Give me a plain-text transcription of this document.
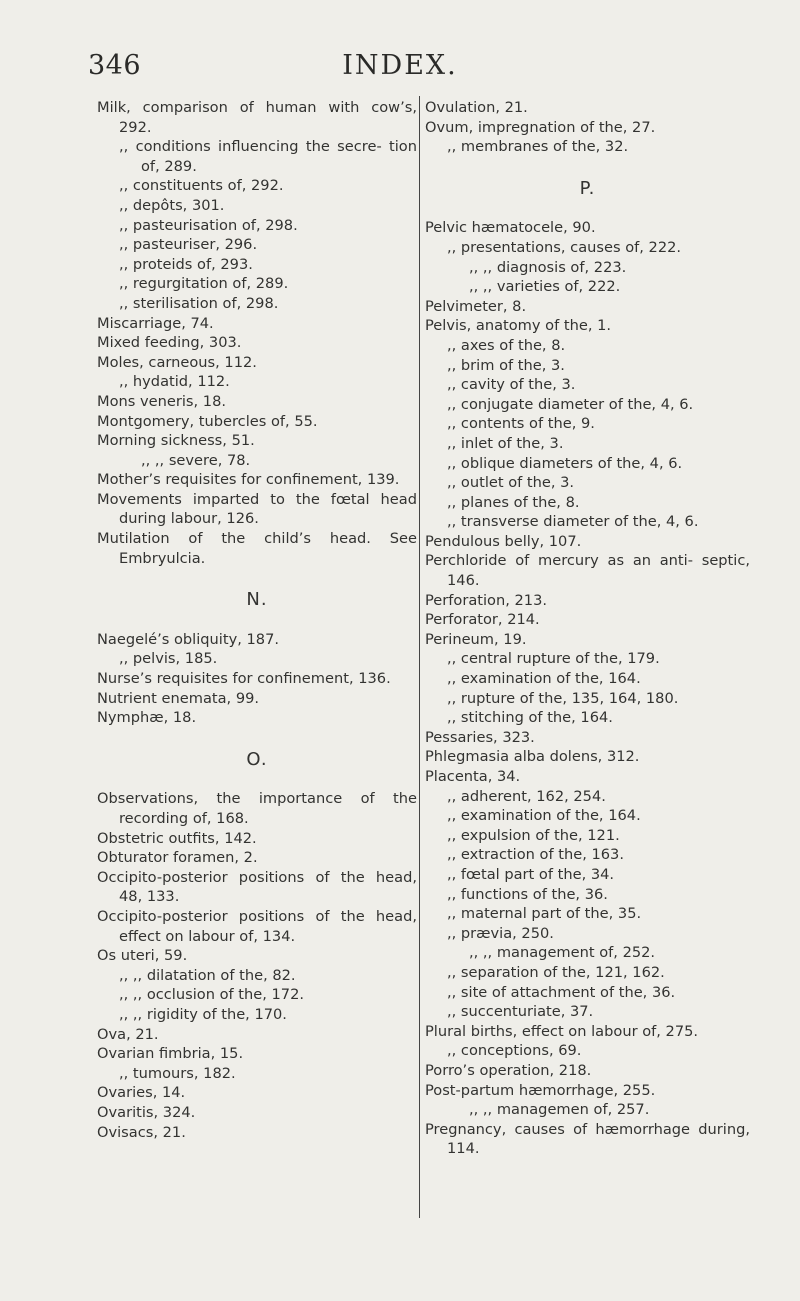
346	INDEX.
Milk, comparison of human with cow’s, 292.
,, conditions influencing the secre- tion of, 289.
,, constituents of, 292.
,, depôts, 301.
,, pasteurisation of, 298.
,, pasteuriser, 296.
,, proteids of, 293.
,, regurgitation of, 289.
,, sterilisation of, 298.
Miscarriage, 74.
Mixed feeding, 303.
Moles, carneous, 112.
,, hydatid, 112.
Mons veneris, 18.
Montgomery, tubercles of, 55.
Morning sickness, 51.
,, ,, severe, 78.
Mother’s requisites for confinement, 139.
Movements imparted to the fœtal head during labour, 126.
Mutilation of the child’s head. See Embryulcia.
N.
Naegelé’s obliquity, 187.
,, pelvis, 185.
Nurse’s requisites for confinement, 136.
Nutrient enemata, 99.
Nymphæ, 18.
O.
Observations, the importance of the recording of, 168.
Obstetric outfits, 142.
Obturator foramen, 2.
Occipito-posterior positions of the head, 48, 133.
Occipito-posterior positions of the head, effect on labour of, 134.
Os uteri, 59.
,, ,, dilatation of the, 82.
,, ,, occlusion of the, 172.
,, ,, rigidity of the, 170.
Ova, 21.
Ovarian fimbria, 15.
,, tumours, 182.
Ovaries, 14.
Ovaritis, 324.
Ovisacs, 21.
Ovulation, 21.
Ovum, impregnation of the, 27.
,, membranes of the, 32.
P.
Pelvic hæmatocele, 90.
,, presentations, causes of, 222.
,, ,, diagnosis of, 223.
,, ,, varieties of, 222.
Pelvimeter, 8.
Pelvis, anatomy of the, 1.
,, axes of the, 8.
,, brim of the, 3.
,, cavity of the, 3.
,, conjugate diameter of the, 4, 6.
,, contents of the, 9.
,, inlet of the, 3.
,, oblique diameters of the, 4, 6.
,, outlet of the, 3.
,, planes of the, 8.
,, transverse diameter of the, 4, 6.
Pendulous belly, 107.
Perchloride of mercury as an anti- septic, 146.
Perforation, 213.
Perforator, 214.
Perineum, 19.
,, central rupture of the, 179.
,, examination of the, 164.
,, rupture of the, 135, 164, 180.
,, stitching of the, 164.
Pessaries, 323.
Phlegmasia alba dolens, 312.
Placenta, 34.
,, adherent, 162, 254.
,, examination of the, 164.
,, expulsion of the, 121.
,, extraction of the, 163.
,, fœtal part of the, 34.
,, functions of the, 36.
,, maternal part of the, 35.
,, prævia, 250.
,, ,, management of, 252.
,, separation of the, 121, 162.
,, site of attachment of the, 36.
,, succenturiate, 37.
Plural births, effect on labour of, 275.
,, conceptions, 69.
Porro’s operation, 218.
Post-partum hæmorrhage, 255.
,, ,, managemen of, 257.
Pregnancy, causes of hæmorrhage during, 114.
